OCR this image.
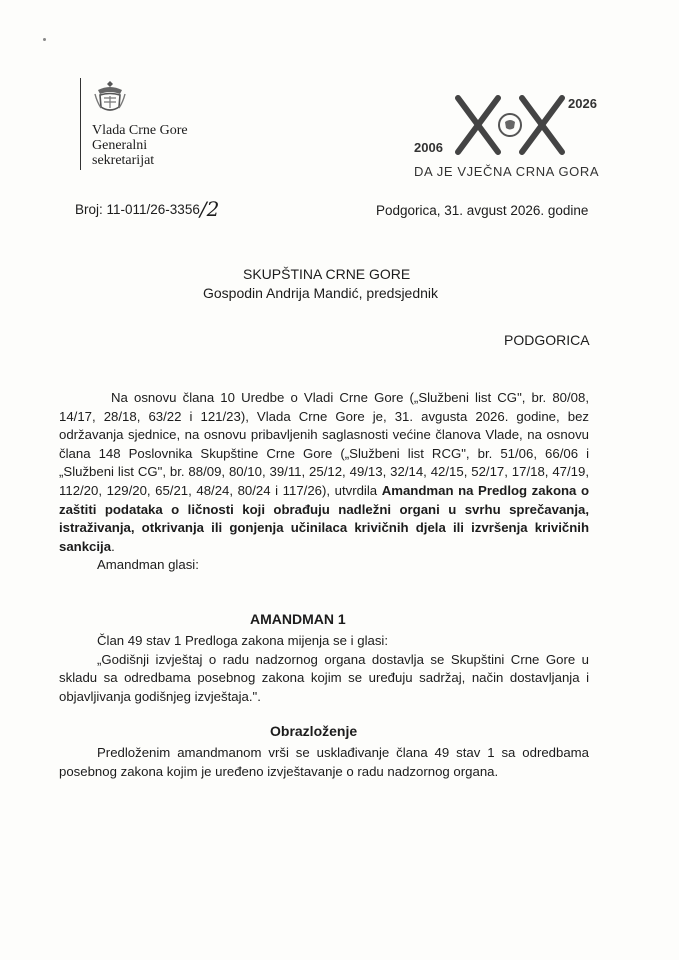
Vlada Crne Gore
Generalni
sekretarijat
2026
2006
DA JE VJEČNA CRNA GORA
Broj: 11-011/26-3356/2	Podgorica, 31. avgust 2026. godine
SKUPŠTINA CRNE GORE
Gospodin Andrija Mandić, predsjednik
PODGORICA

Na osnovu člana 10 Uredbe o Vladi Crne Gore („Službeni list CG", br. 80/08, 14/17, 28/18, 63/22 i 121/23), Vlada Crne Gore je, 31. avgusta 2026. godine, bez održavanja sjednice, na osnovu pribavljenih saglasnosti većine članova Vlade, na osnovu člana 148 Poslovnika Skupštine Crne Gore („Službeni list RCG", br. 51/06, 66/06 i „Službeni list CG", br. 88/09, 80/10, 39/11, 25/12, 49/13, 32/14, 42/15, 52/17, 17/18, 47/19, 112/20, 129/20, 65/21, 48/24, 80/24 i 117/26), utvrdila Amandman na Predlog zakona o zaštiti podataka o ličnosti koji obrađuju nadležni organi u svrhu sprečavanja, istraživanja, otkrivanja ili gonjenja učinilaca krivičnih djela ili izvršenja krivičnih sankcija.

Amandman glasi:

AMANDMAN 1

Član 49 stav 1 Predloga zakona mijenja se i glasi:

„Godišnji izvještaj o radu nadzornog organa dostavlja se Skupštini Crne Gore u skladu sa odredbama posebnog zakona kojim se uređuju sadržaj, način dostavljanja i objavljivanja godišnjeg izvještaja.".

Obrazloženje

Predloženim amandmanom vrši se usklađivanje člana 49 stav 1 sa odredbama posebnog zakona kojim je uređeno izvještavanje o radu nadzornog organa.
